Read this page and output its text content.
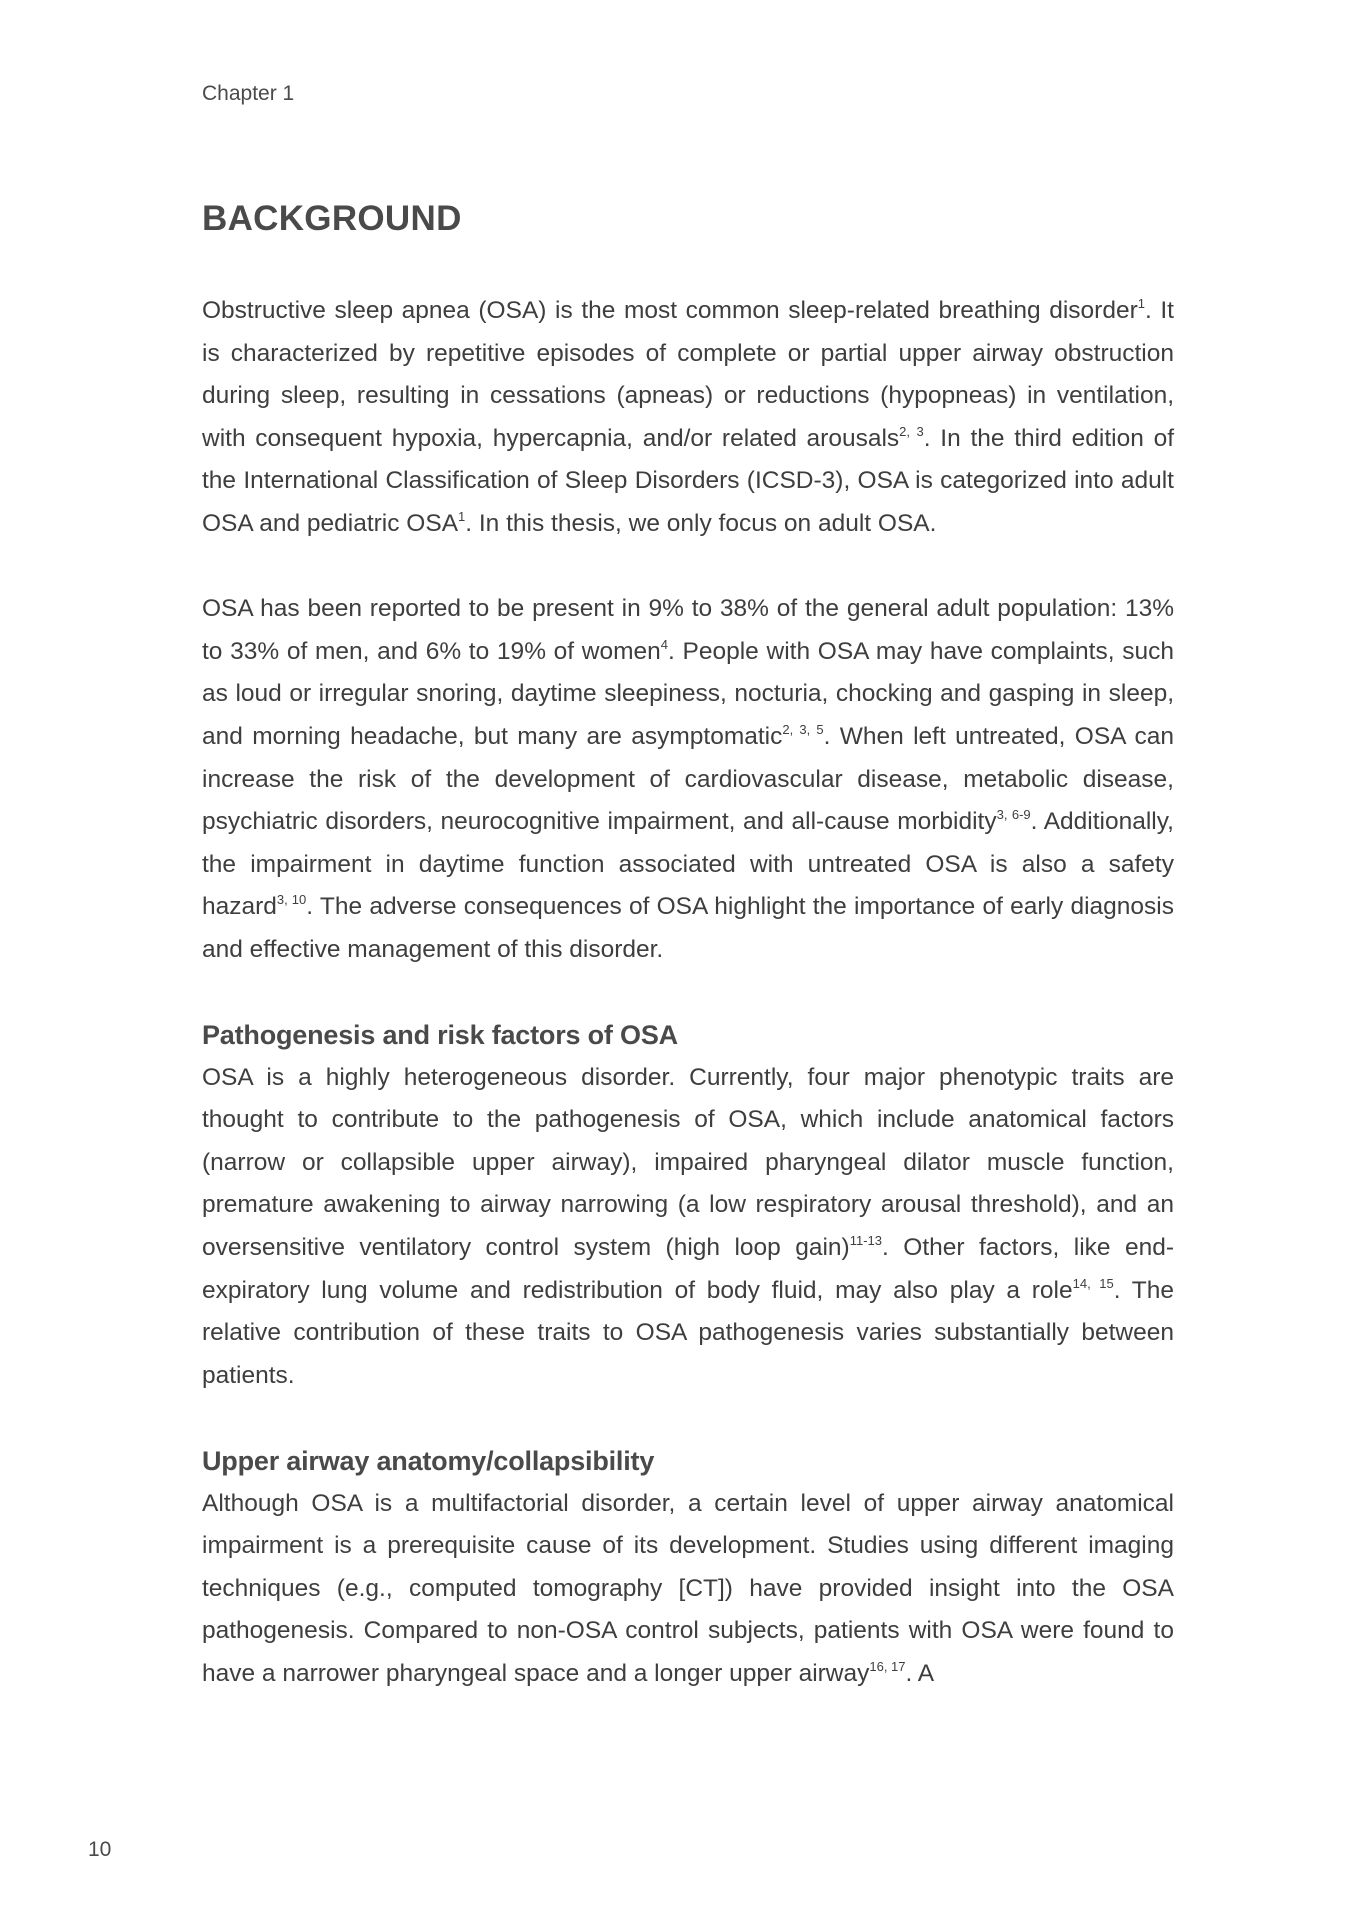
Chapter 1
BACKGROUND

Obstructive sleep apnea (OSA) is the most common sleep-related breathing disorder$^1$. It is characterized by repetitive episodes of complete or partial upper airway obstruction during sleep, resulting in cessations (apneas) or reductions (hypopneas) in ventilation, with consequent hypoxia, hypercapnia, and/or related arousals$^{2, 3}$. In the third edition of the International Classification of Sleep Disorders (ICSD-3), OSA is categorized into adult OSA and pediatric OSA$^1$. In this thesis, we only focus on adult OSA.

OSA has been reported to be present in 9% to 38% of the general adult population: 13% to 33% of men, and 6% to 19% of women$^4$. People with OSA may have complaints, such as loud or irregular snoring, daytime sleepiness, nocturia, chocking and gasping in sleep, and morning headache, but many are asymptomatic$^{2, 3, 5}$. When left untreated, OSA can increase the risk of the development of cardiovascular disease, metabolic disease, psychiatric disorders, neurocognitive impairment, and all-cause morbidity$^{3, 6-9}$. Additionally, the impairment in daytime function associated with untreated OSA is also a safety hazard$^{3, 10}$. The adverse consequences of OSA highlight the importance of early diagnosis and effective management of this disorder.

Pathogenesis and risk factors of OSA

OSA is a highly heterogeneous disorder. Currently, four major phenotypic traits are thought to contribute to the pathogenesis of OSA, which include anatomical factors (narrow or collapsible upper airway), impaired pharyngeal dilator muscle function, premature awakening to airway narrowing (a low respiratory arousal threshold), and an oversensitive ventilatory control system (high loop gain)$^{11-13}$. Other factors, like end-expiratory lung volume and redistribution of body fluid, may also play a role$^{14, 15}$. The relative contribution of these traits to OSA pathogenesis varies substantially between patients.

Upper airway anatomy/collapsibility

Although OSA is a multifactorial disorder, a certain level of upper airway anatomical impairment is a prerequisite cause of its development. Studies using different imaging techniques (e.g., computed tomography [CT]) have provided insight into the OSA pathogenesis. Compared to non-OSA control subjects, patients with OSA were found to have a narrower pharyngeal space and a longer upper airway$^{16, 17}$. A

10
